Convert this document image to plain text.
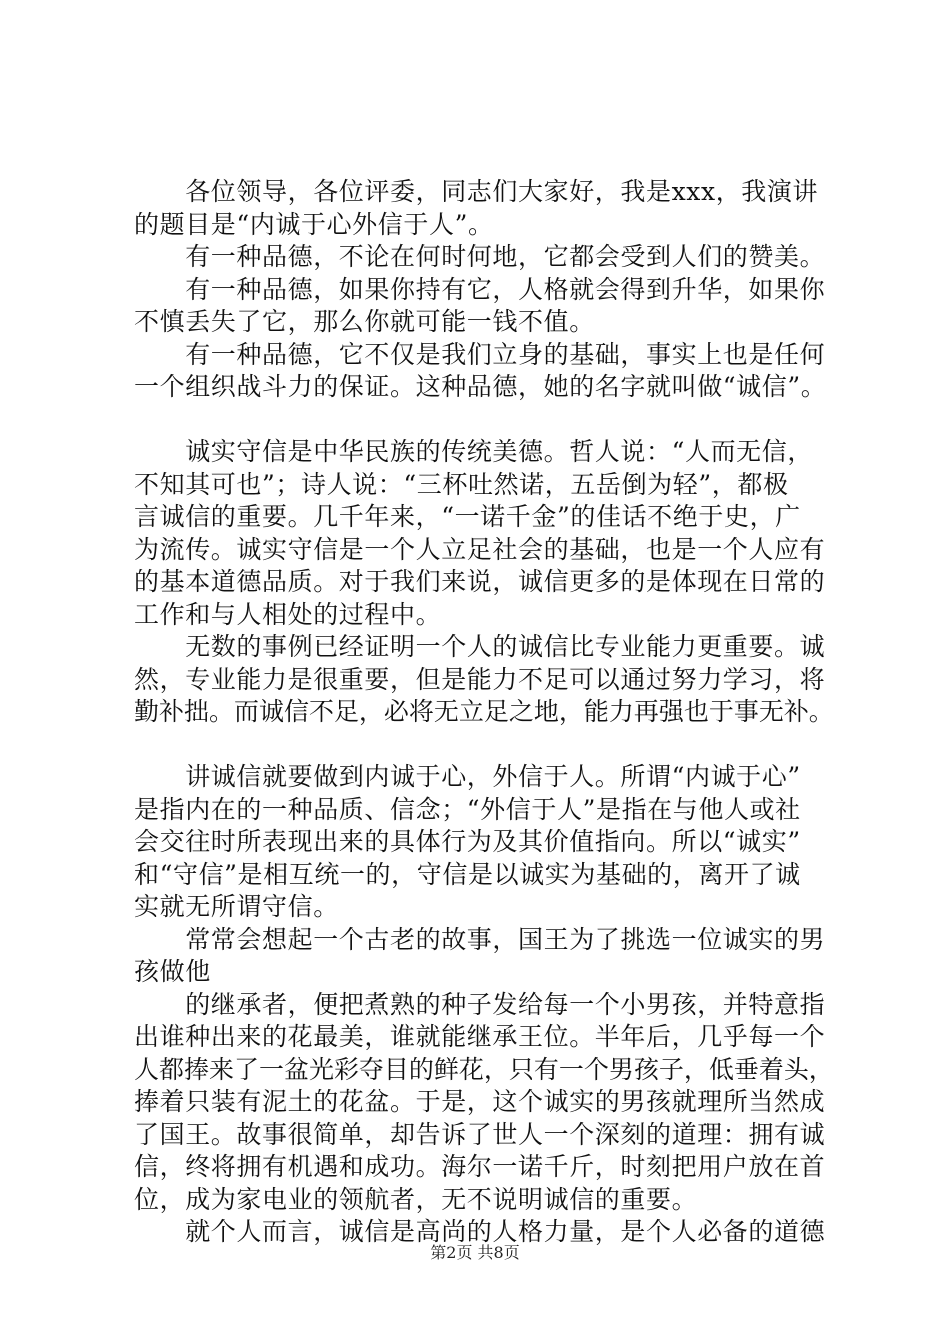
　　各位领导，各位评委，同志们大家好，我是xxx，我演讲
的题目是“内诚于心外信于人”。
　　有一种品德，不论在何时何地，它都会受到人们的赞美。
　　有一种品德，如果你持有它，人格就会得到升华，如果你
不慎丢失了它，那么你就可能一钱不值。
　　有一种品德，它不仅是我们立身的基础，事实上也是任何
一个组织战斗力的保证。这种品德，她的名字就叫做“诚信”。
　　诚实守信是中华民族的传统美德。哲人说：“人而无信，
不知其可也”；诗人说：“三杯吐然诺，五岳倒为轻”，都极
言诚信的重要。几千年来，“一诺千金”的佳话不绝于史，广
为流传。诚实守信是一个人立足社会的基础，也是一个人应有
的基本道德品质。对于我们来说，诚信更多的是体现在日常的
工作和与人相处的过程中。
　　无数的事例已经证明一个人的诚信比专业能力更重要。诚
然，专业能力是很重要，但是能力不足可以通过努力学习，将
勤补拙。而诚信不足，必将无立足之地，能力再强也于事无补。
　　讲诚信就要做到内诚于心，外信于人。所谓“内诚于心”
是指内在的一种品质、信念；“外信于人”是指在与他人或社
会交往时所表现出来的具体行为及其价值指向。所以“诚实”
和“守信”是相互统一的，守信是以诚实为基础的，离开了诚
实就无所谓守信。
　　常常会想起一个古老的故事，国王为了挑选一位诚实的男
孩做他
　　的继承者，便把煮熟的种子发给每一个小男孩，并特意指
出谁种出来的花最美，谁就能继承王位。半年后，几乎每一个
人都捧来了一盆光彩夺目的鲜花，只有一个男孩子，低垂着头，
捧着只装有泥土的花盆。于是，这个诚实的男孩就理所当然成
了国王。故事很简单，却告诉了世人一个深刻的道理：拥有诚
信，终将拥有机遇和成功。海尔一诺千斤，时刻把用户放在首
位，成为家电业的领航者，无不说明诚信的重要。
　　就个人而言，诚信是高尚的人格力量，是个人必备的道德
第2页 共8页
